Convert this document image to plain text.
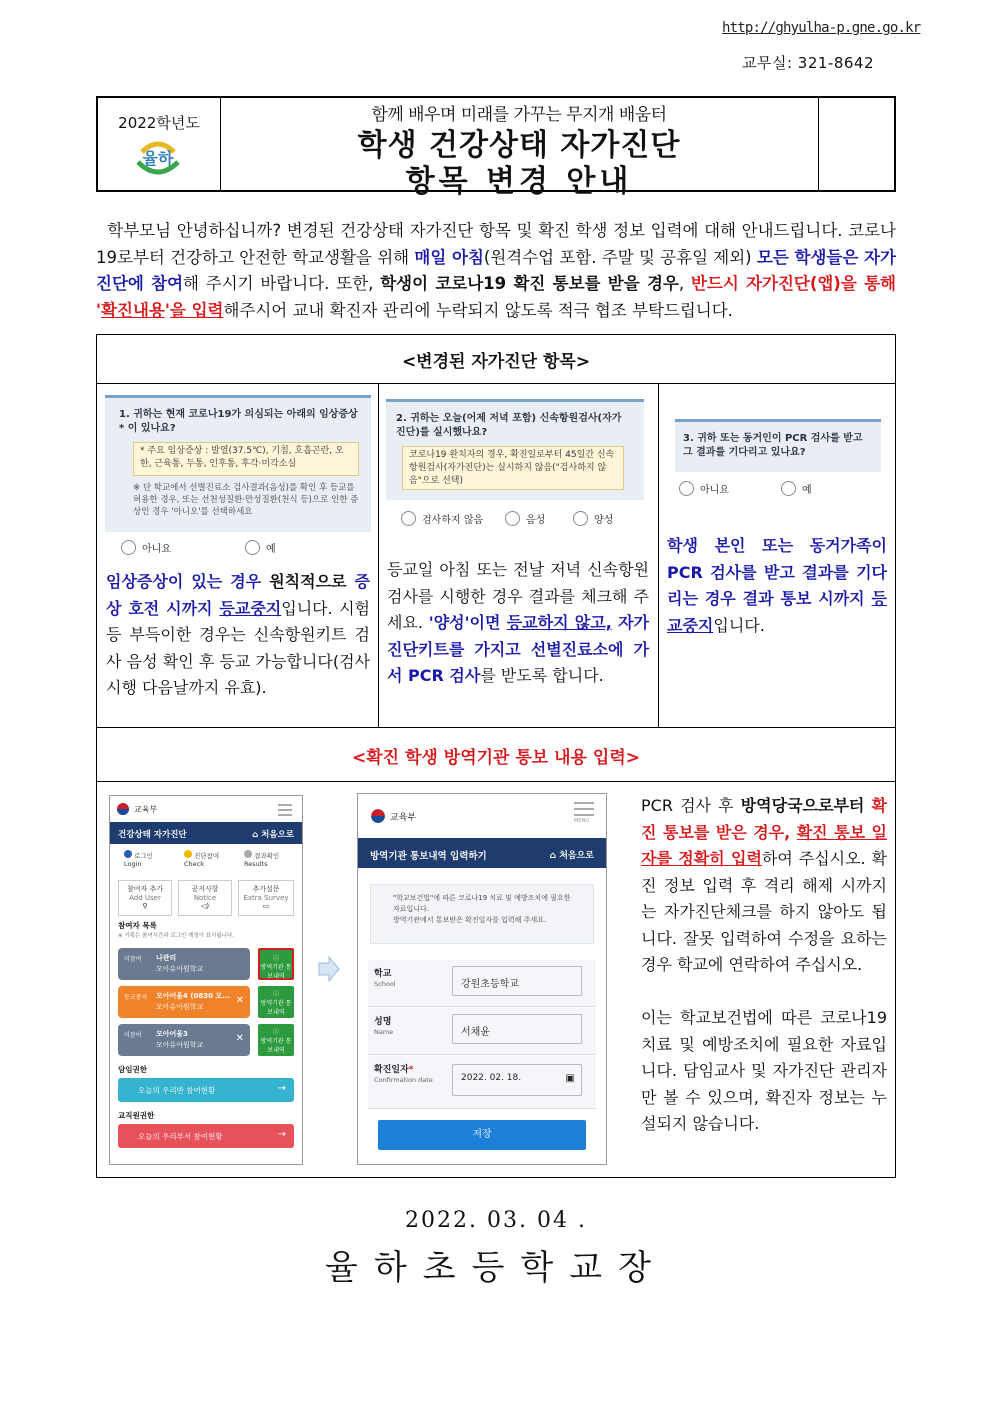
2022학년도
율하
함께 배우며 미래를 가꾸는 무지개 배움터
학생 건강상태 자가진단
항목 변경 안내
http://ghyulha-p.gne.go.kr
교무실: 321-8642
학부모님 안녕하십니까? 변경된 건강상태 자가진단 항목 및 확진 학생 정보 입력에 대해 안내드립니다. 코로나19로부터 건강하고 안전한 학교생활을 위해 매일 아침(원격수업 포함. 주말 및 공휴일 제외) 모든 학생들은 자가진단에 참여해 주시기 바랍니다. 또한, 학생이 코로나19 확진 통보를 받을 경우, 반드시 자가진단(앱)을 통해 '확진내용'을 입력해주시어 교내 확진자 관리에 누락되지 않도록 적극 협조 부탁드립니다.
<변경된 자가진단 항목>
1. 귀하는 현재 코로나19가 의심되는 아래의 임상증상* 이 있나요?
* 주요 임상증상 : 발열(37.5℃), 기침, 호흡곤란, 오한, 근육통, 두통, 인후통, 후각·미각소실
※ 단 학교에서 선별진료소 검사결과(음성)를 확인 후 등교를 허용한 경우, 또는 선천성질환·만성질환(천식 등)으로 인한 증상인 경우 '아니오'를 선택하세요
아니요	예
임상증상이 있는 경우 원칙적으로 증상 호전 시까지 등교중지입니다. 시험 등 부득이한 경우는 신속항원키트 검사 음성 확인 후 등교 가능합니다(검사 시행 다음날까지 유효).
2. 귀하는 오늘(어제 저녁 포함) 신속항원검사(자가진단)를 실시했나요?
코로나19 완치자의 경우, 확진일로부터 45일간 신속항원검사(자가진단)는 실시하지 않음("검사하지 않음"으로 선택)
검사하지 않음	음성	양성
등교일 아침 또는 전날 저녁 신속항원검사를 시행한 경우 결과를 체크해 주세요. '양성'이면 등교하지 않고, 자가진단키트를 가지고 선별진료소에 가서 PCR 검사를 받도록 합니다.
3. 귀하 또는 동거인이 PCR 검사를 받고 그 결과를 기다리고 있나요?
아니요	예
학생 본인 또는 동거가족이 PCR 검사를 받고 결과를 기다리는 경우 결과 통보 시까지 등교중지입니다.
<확진 학생 방역기관 통보 내용 입력>
교육부
건강상태 자가진단	⌂ 처음으로
로그인
Login
진단참여
Check
결과확인
Results
참여자 추가
Add User
⚲
공지사항
Notice
◁)
추가설문
Extra Survey
▭
참여자 목록
※ 기획는 참여시간과 로그인 계정이 표시됩니다.
미참여 나관리
모아유아원학교
ⓘ
방역기관 통보내역
등교중지 모아어울4 (0830 모...
모아유아원학교
✕
ⓘ
방역기관 통보내역
미참여 모아어울3
모아유아원학교
✕
ⓘ
방역기관 통보내역
담임권한
오늘의 우리반 참여현황	→
교직원권한
오늘의 우리부서 참여현황	→
교육부	MENU
방역기관 통보내역 입력하기	⌂ 처음으로
"학교보건법"에 따른 코로나19 치료 및 예방조치에 필요한 자료입니다.
방역기관에서 통보받은 확진일자를 입력해 주세요.
학교
School	강원초등학교
성명
Name	서채윤
확진일자*
Confirmation date	2022. 02. 18.	▣
저장
PCR 검사 후 방역당국으로부터 확진 통보를 받은 경우, 확진 통보 일자를 정확히 입력하여 주십시오. 확진 정보 입력 후 격리 해제 시까지는 자가진단체크를 하지 않아도 됩니다. 잘못 입력하여 수정을 요하는 경우 학교에 연락하여 주십시오.

이는 학교보건법에 따른 코로나19 치료 및 예방조치에 필요한 자료입니다. 담임교사 및 자가진단 관리자만 볼 수 있으며, 확진자 정보는 누설되지 않습니다.
2022. 03. 04 .
율하초등학교장
